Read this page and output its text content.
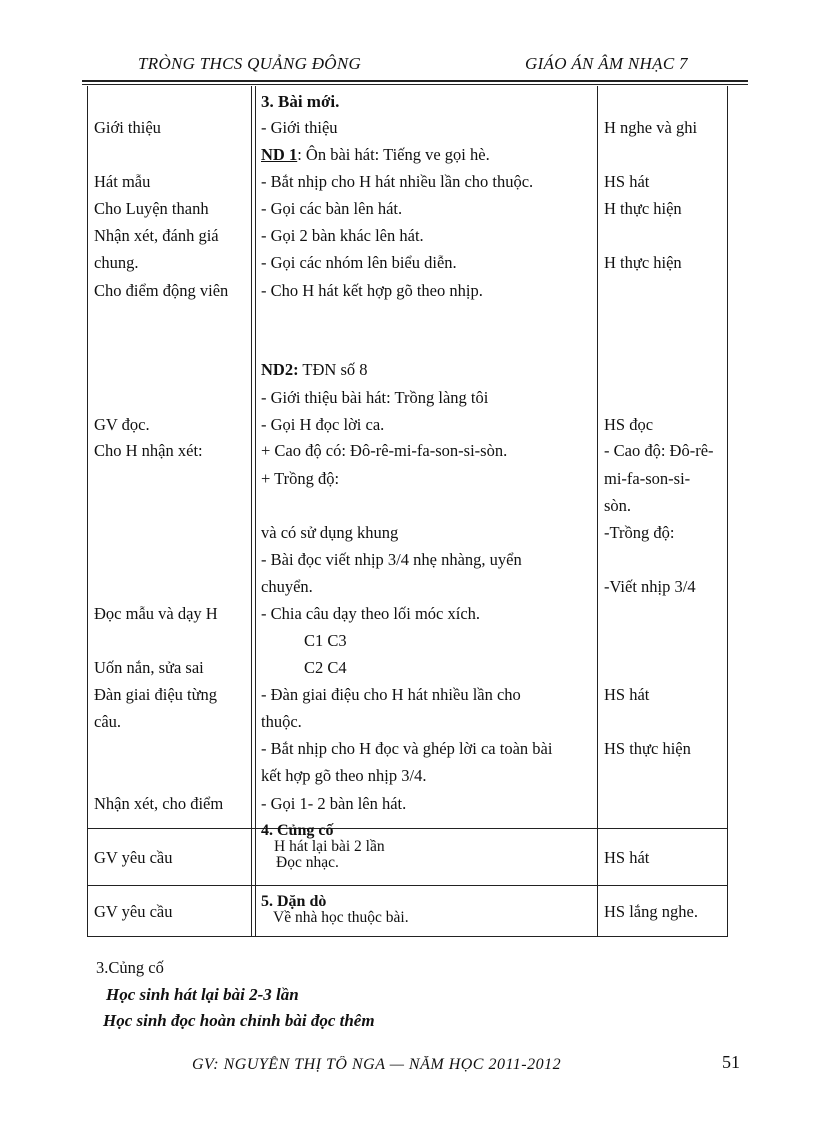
TRÒNG THCS QUẢNG ĐÔNG	GIÁO ÁN ÂM NHẠC 7
Giới thiệu
Hát mẫu
Cho Luyện thanh
Nhận xét, đánh giá
chung.
Cho điểm động viên
GV đọc.
Cho H nhận xét:
Đọc mẫu và dạy H
Uốn nắn, sửa sai
Đàn giai điệu từng
câu.
Nhận xét, cho điểm
GV yêu cầu
GV yêu cầu
3. Bài mới.
- Giới thiệu
ND 1: Ôn bài hát: Tiếng ve gọi hè.
- Bắt nhịp cho H hát nhiều lần cho thuộc.
- Gọi các bàn lên hát.
- Gọi 2 bàn khác lên hát.
- Gọi các nhóm lên biểu diễn.
- Cho H hát kết hợp gõ theo nhịp.
ND2: TĐN số 8
- Giới thiệu bài hát: Trồng làng tôi
- Gọi H đọc lời ca.
+ Cao độ có: Đô-rê-mi-fa-son-si-sòn.
+ Trồng độ:
và có sử dụng khung
- Bài đọc viết nhịp 3/4 nhẹ nhàng, uyển
chuyển.
- Chia câu dạy theo lối móc xích.
C1 C3
C2 C4
- Đàn giai điệu cho H hát nhiều lần cho
thuộc.
- Bắt nhịp cho H đọc và ghép lời ca toàn bài
kết hợp gõ theo nhịp 3/4.
- Gọi 1- 2 bàn lên hát.
4. Củng cố
H hát lại bài 2 lần
Đọc nhạc.
5. Dặn dò
Về nhà học thuộc bài.
H nghe và ghi
HS hát
H thực hiện
H thực hiện
HS đọc
- Cao độ: Đô-rê-
mi-fa-son-si-
sòn.
-Trồng độ:
-Viết nhịp 3/4
HS hát
HS thực hiện
HS hát
HS lắng nghe.
3.Củng cố
Học sinh hát lại bài 2-3 lần
Học sinh đọc hoàn chỉnh bài đọc thêm
GV: NGUYỄN THỊ TỐ NGA — NĂM HỌC 2011-2012	51
